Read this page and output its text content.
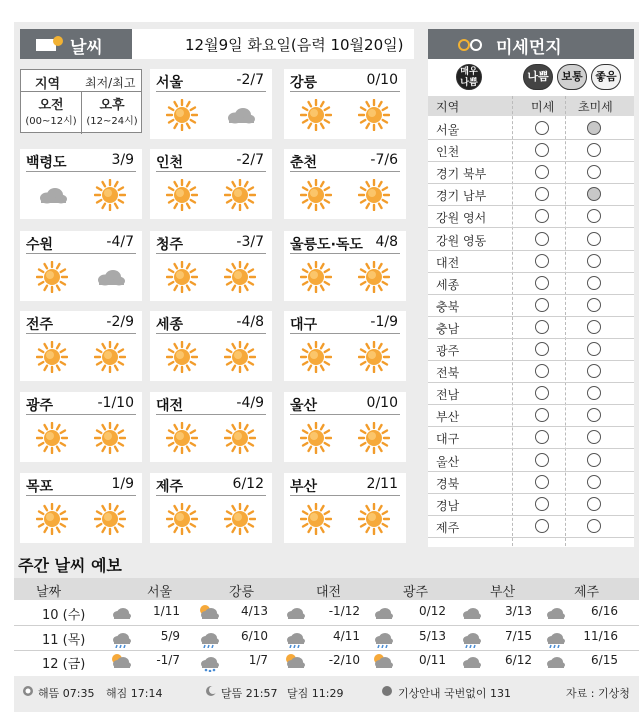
날씨	12월9일 화요일(음력 10월20일)
지역 최저/최고
오전
(00~12시)
오후
(12~24시)
서울	-2/7 강릉	0/10
백령도	3/9 인천	-2/7 춘천	-7/6
수원	-4/7 청주	-3/7 울릉도·독도 4/8
전주	-2/9 세종	-4/8 대구	-1/9
광주	-1/10 대전	-4/9 울산	0/10
목포	1/9 제주	6/12 부산	2/11
미세먼지
매우
나쁨	나쁨	보통	좋음
지역	미세 초미세
서울
인천
경기 북부
경기 남부
강원 영서
강원 영동
대전
세종
충북
충남
광주
전북
전남
부산
대구
울산
경북
경남
제주
주간 날씨 예보
날짜	서울	강릉	대전	광주	부산	제주
10 (수)	1/11	4/13	-1/12	0/12	3/13	6/16
11 (목)	5/9	6/10	4/11	5/13	7/15	11/16
12 (금)	-1/7	1/7	-2/10	0/11	6/12	6/15
해뜸 07:35 해짐 17:14	달뜸 21:57 달짐 11:29	기상안내 국번없이 131	자료 : 기상청
